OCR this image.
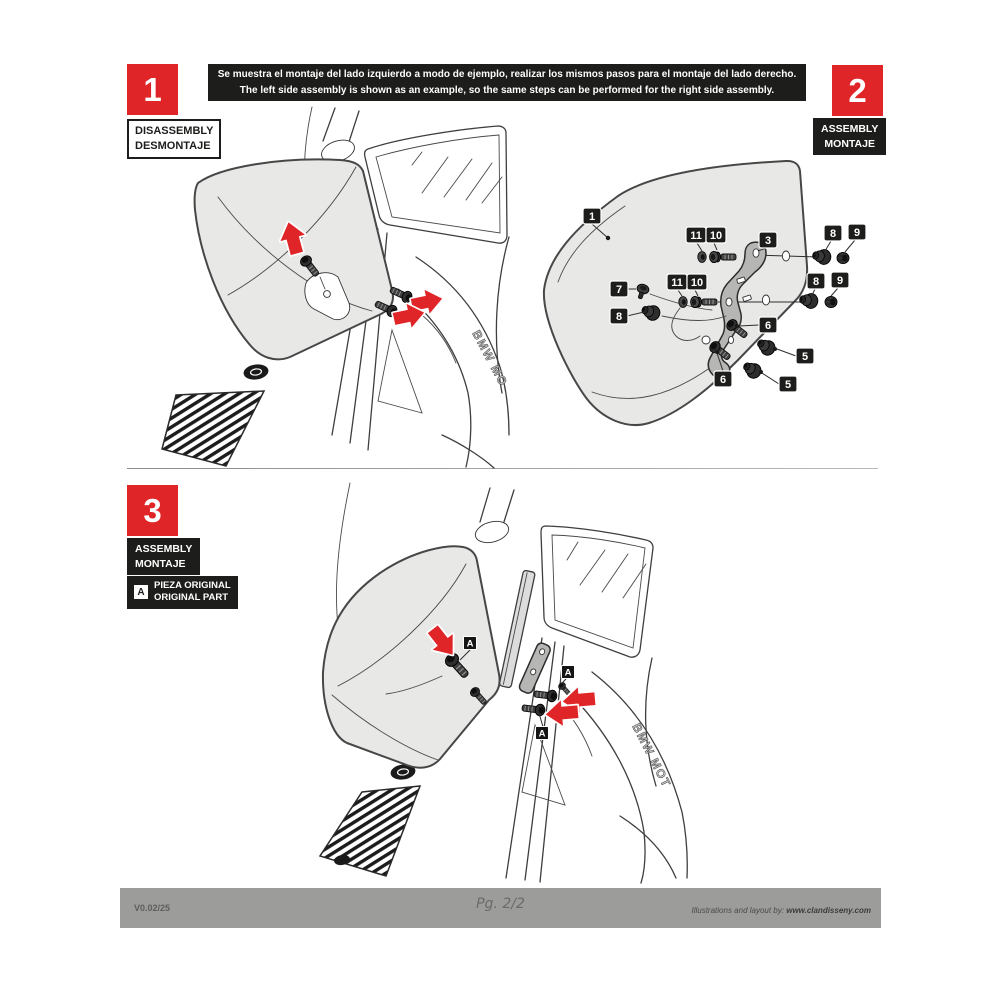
Se muestra el montaje del lado izquierdo a modo de ejemplo, realizar los mismos pasos para el montaje del lado derecho.
The left side assembly is shown as an example, so the same steps can be performed for the right side assembly.
1
DISASSEMBLY
DESMONTAJE
2
ASSEMBLY
MONTAJE
3
ASSEMBLY
MONTAJE
A
PIEZA ORIGINAL
ORIGINAL PART
BMW MO
1
11 10	3
8 9
11 10
7
8
8 9
6
5
6	5
BMW MOT
A
A
A
V0.02/25	Pg. 2/2	Illustrations and layout by: www.clandisseny.com
